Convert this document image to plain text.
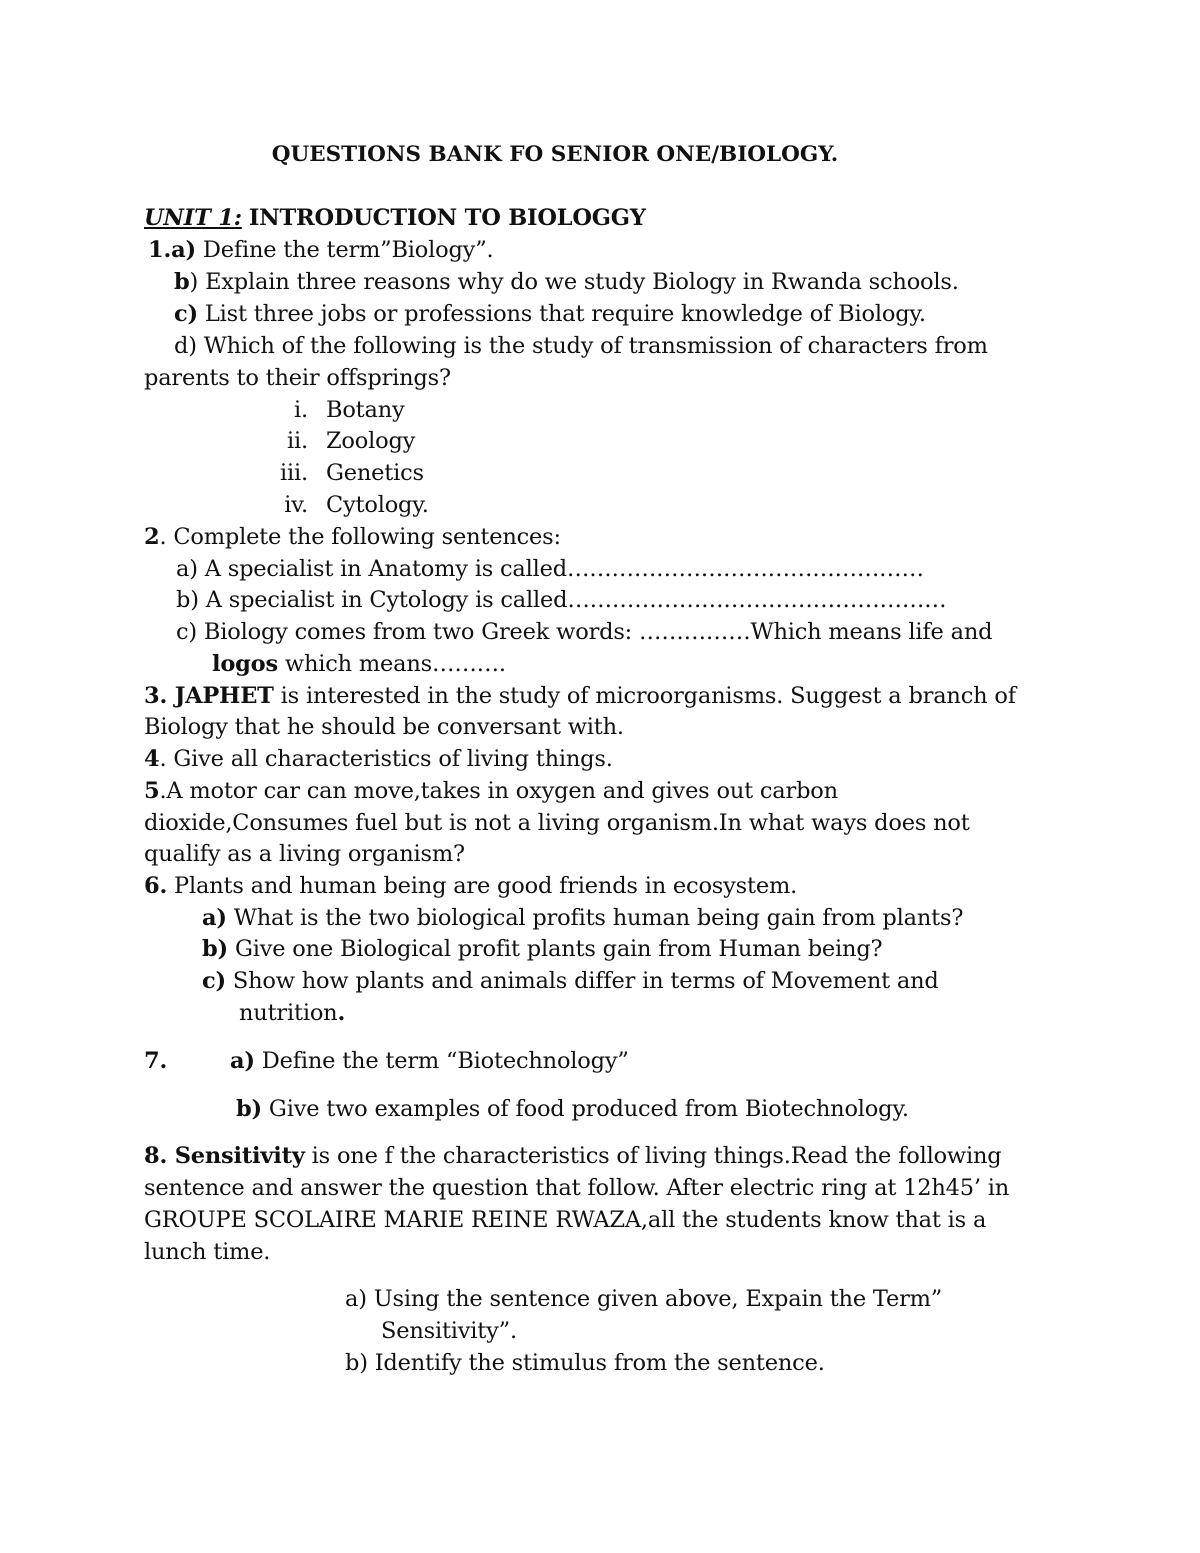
QUESTIONS BANK FO SENIOR ONE/BIOLOGY.
UNIT 1: INTRODUCTION TO BIOLOGGY
1.a) Define the term”Biology”.
b) Explain three reasons why do we study Biology in Rwanda schools.
c) List three jobs or professions that require knowledge of Biology.
d) Which of the following is the study of transmission of characters from
parents to their offsprings?
i. Botany
ii. Zoology
iii. Genetics
iv. Cytology.
2. Complete the following sentences:
a) A specialist in Anatomy is called…………………………………………
b) A specialist in Cytology is called……………………………………………
c) Biology comes from two Greek words: ……………Which means life and
logos which means……….
3. JAPHET is interested in the study of microorganisms. Suggest a branch of
Biology that he should be conversant with.
4. Give all characteristics of living things.
5.A motor car can move,takes in oxygen and gives out carbon
dioxide,Consumes fuel but is not a living organism.In what ways does not
qualify as a living organism?
6. Plants and human being are good friends in ecosystem.
a) What is the two biological profits human being gain from plants?
b) Give one Biological profit plants gain from Human being?
c) Show how plants and animals differ in terms of Movement and
nutrition.
7.	a) Define the term “Biotechnology”
b) Give two examples of food produced from Biotechnology.
8. Sensitivity is one f the characteristics of living things.Read the following
sentence and answer the question that follow. After electric ring at 12h45’ in
GROUPE SCOLAIRE MARIE REINE RWAZA,all the students know that is a
lunch time.
a) Using the sentence given above, Expain the Term”
Sensitivity”.
b) Identify the stimulus from the sentence.
